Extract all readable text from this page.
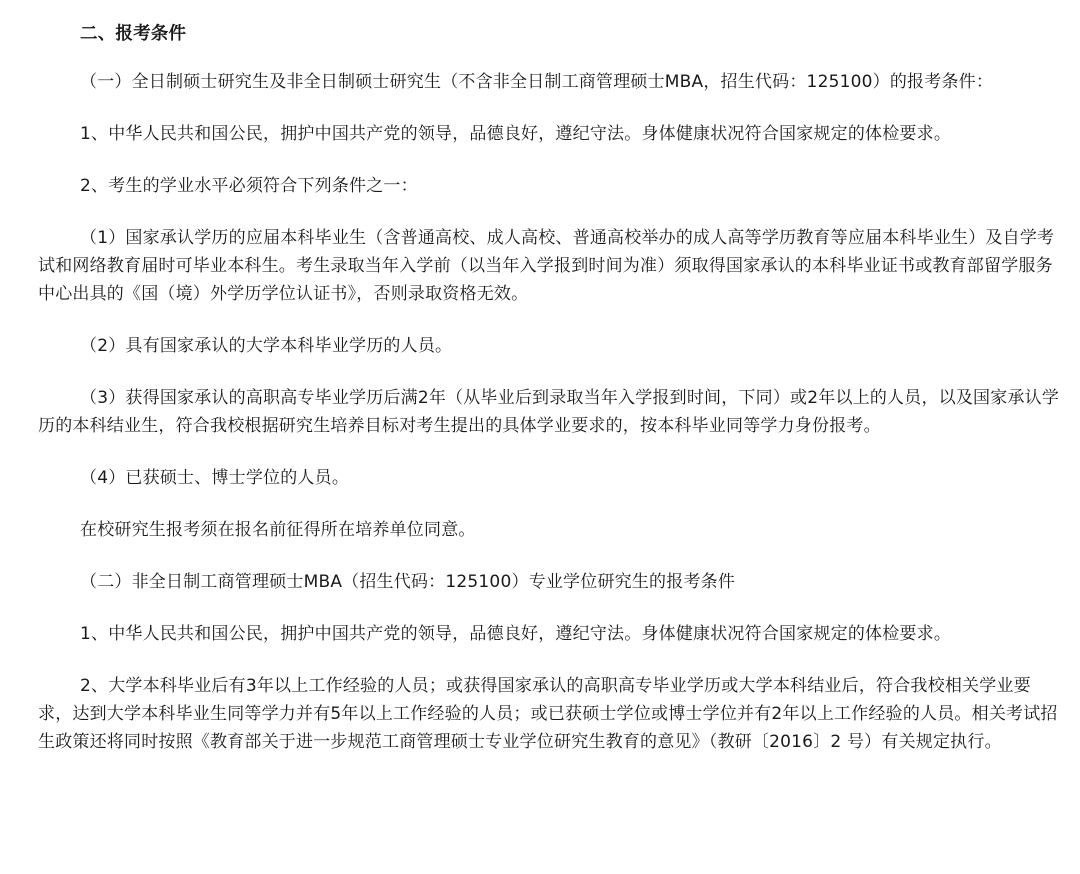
二、报考条件

（一）全日制硕士研究生及非全日制硕士研究生（不含非全日制工商管理硕士MBA，招生代码：125100）的报考条件：

1、中华人民共和国公民，拥护中国共产党的领导，品德良好，遵纪守法。身体健康状况符合国家规定的体检要求。

2、考生的学业水平必须符合下列条件之一：

（1）国家承认学历的应届本科毕业生（含普通高校、成人高校、普通高校举办的成人高等学历教育等应届本科毕业生）及自学考试和网络教育届时可毕业本科生。考生录取当年入学前（以当年入学报到时间为准）须取得国家承认的本科毕业证书或教育部留学服务中心出具的《国（境）外学历学位认证书》，否则录取资格无效。

（2）具有国家承认的大学本科毕业学历的人员。

（3）获得国家承认的高职高专毕业学历后满2年（从毕业后到录取当年入学报到时间，下同）或2年以上的人员，以及国家承认学历的本科结业生，符合我校根据研究生培养目标对考生提出的具体学业要求的，按本科毕业同等学力身份报考。

（4）已获硕士、博士学位的人员。

在校研究生报考须在报名前征得所在培养单位同意。

（二）非全日制工商管理硕士MBA（招生代码：125100）专业学位研究生的报考条件

1、中华人民共和国公民，拥护中国共产党的领导，品德良好，遵纪守法。身体健康状况符合国家规定的体检要求。

2、大学本科毕业后有3年以上工作经验的人员；或获得国家承认的高职高专毕业学历或大学本科结业后，符合我校相关学业要求，达到大学本科毕业生同等学力并有5年以上工作经验的人员；或已获硕士学位或博士学位并有2年以上工作经验的人员。相关考试招生政策还将同时按照《教育部关于进一步规范工商管理硕士专业学位研究生教育的意见》（教研〔2016〕2 号）有关规定执行。
